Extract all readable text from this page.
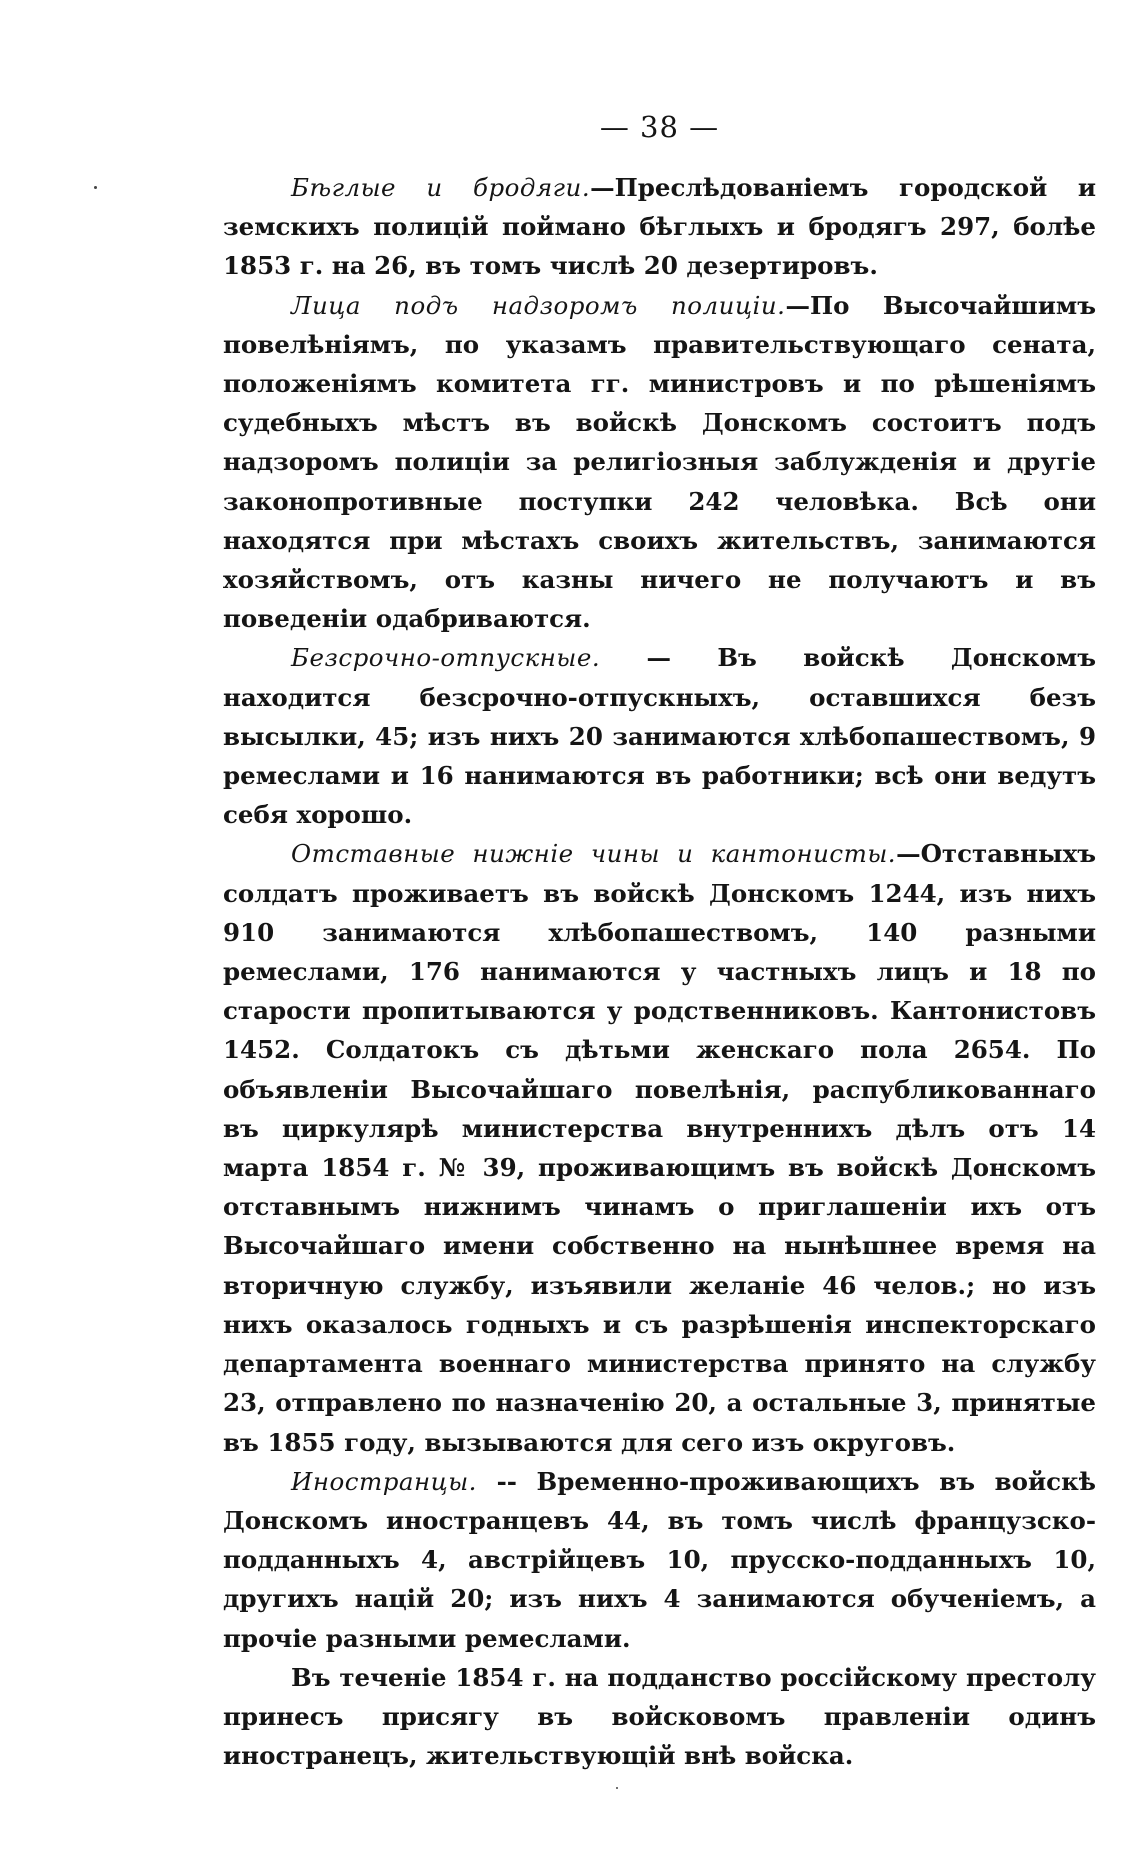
— 38 —

Бѣглые и бродяги.—Преслѣдованіемъ городской и земскихъ полицій поймано бѣглыхъ и бродягъ 297, болѣе 1853 г. на 26, въ томъ числѣ 20 дезертировъ.

Лица подъ надзоромъ полиціи.—По Высочайшимъ повелѣніямъ, по указамъ правительствующаго сената, положеніямъ комитета гг. министровъ и по рѣшеніямъ судебныхъ мѣстъ въ войскѣ Донскомъ состоитъ подъ надзоромъ полиціи за религіозныя заблужденія и другіе законопротивные поступки 242 человѣка. Всѣ они находятся при мѣстахъ своихъ жительствъ, занимаются хозяйствомъ, отъ казны ничего не получаютъ и въ поведеніи одабриваются.

Безсрочно-отпускные. — Въ войскѣ Донскомъ находится безсрочно-отпускныхъ, оставшихся безъ высылки, 45; изъ нихъ 20 занимаются хлѣбопашествомъ, 9 ремеслами и 16 нанимаются въ работники; всѣ они ведутъ себя хорошо.

Отставные нижніе чины и кантонисты.—Отставныхъ солдатъ проживаетъ въ войскѣ Донскомъ 1244, изъ нихъ 910 занимаются хлѣбопашествомъ, 140 разными ремеслами, 176 нанимаются у частныхъ лицъ и 18 по старости пропитываются у родственниковъ. Кантонистовъ 1452. Солдатокъ съ дѣтьми женскаго пола 2654. По объявленіи Высочайшаго повелѣнія, распубликованнаго въ циркулярѣ министерства внутреннихъ дѣлъ отъ 14 марта 1854 г. № 39, проживающимъ въ войскѣ Донскомъ отставнымъ нижнимъ чинамъ о приглашеніи ихъ отъ Высочайшаго имени собственно на нынѣшнее время на вторичную службу, изъявили желаніе 46 челов.; но изъ нихъ оказалось годныхъ и съ разрѣшенія инспекторскаго департамента военнаго министерства принято на службу 23, отправлено по назначенію 20, а остальные 3, принятые въ 1855 году, вызываются для сего изъ округовъ.

Иностранцы. -- Временно-проживающихъ въ войскѣ Донскомъ иностранцевъ 44, въ томъ числѣ французско-подданныхъ 4, австрійцевъ 10, прусско-подданныхъ 10, другихъ націй 20; изъ нихъ 4 занимаются обученіемъ, а прочіе разными ремеслами.

Въ теченіе 1854 г. на подданство россійскому престолу принесъ присягу въ войсковомъ правленіи одинъ иностранецъ, жительствующій внѣ войска.
